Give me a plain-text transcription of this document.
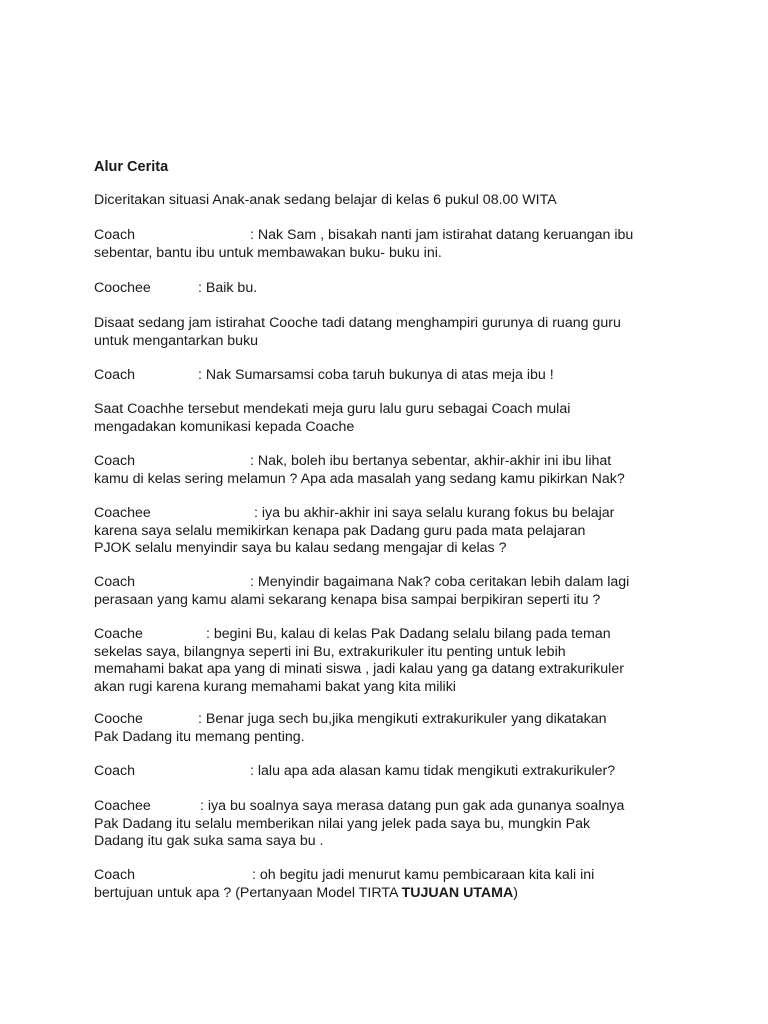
Alur Cerita
Diceritakan situasi Anak-anak sedang belajar di kelas 6 pukul 08.00 WITA
Coach	: Nak Sam , bisakah nanti jam istirahat datang keruangan ibu
sebentar, bantu ibu untuk membawakan buku- buku ini.
Coochee	: Baik bu.
Disaat sedang jam istirahat Cooche tadi datang menghampiri gurunya di ruang guru
untuk mengantarkan buku
Coach	: Nak Sumarsamsi coba taruh bukunya di atas meja ibu !
Saat Coachhe tersebut mendekati meja guru lalu guru sebagai Coach mulai
mengadakan komunikasi kepada Coache
Coach	: Nak, boleh ibu bertanya sebentar, akhir-akhir ini ibu lihat
kamu di kelas sering melamun ? Apa ada masalah yang sedang kamu pikirkan Nak?
Coachee	: iya bu akhir-akhir ini saya selalu kurang fokus bu belajar
karena saya selalu memikirkan kenapa pak Dadang guru pada mata pelajaran
PJOK selalu menyindir saya bu kalau sedang mengajar di kelas ?
Coach	: Menyindir bagaimana Nak? coba ceritakan lebih dalam lagi
perasaan yang kamu alami sekarang kenapa bisa sampai berpikiran seperti itu ?
Coache	: begini Bu, kalau di kelas Pak Dadang selalu bilang pada teman
sekelas saya, bilangnya seperti ini Bu, extrakurikuler itu penting untuk lebih
memahami bakat apa yang di minati siswa , jadi kalau yang ga datang extrakurikuler
akan rugi karena kurang memahami bakat yang kita miliki
Cooche	: Benar juga sech bu,jika mengikuti extrakurikuler yang dikatakan
Pak Dadang itu memang penting.
Coach	: lalu apa ada alasan kamu tidak mengikuti extrakurikuler?
Coachee	: iya bu soalnya saya merasa datang pun gak ada gunanya soalnya
Pak Dadang itu selalu memberikan nilai yang jelek pada saya bu, mungkin Pak
Dadang itu gak suka sama saya bu .
Coach	: oh begitu jadi menurut kamu pembicaraan kita kali ini
bertujuan untuk apa ? (Pertanyaan Model TIRTA TUJUAN UTAMA)
